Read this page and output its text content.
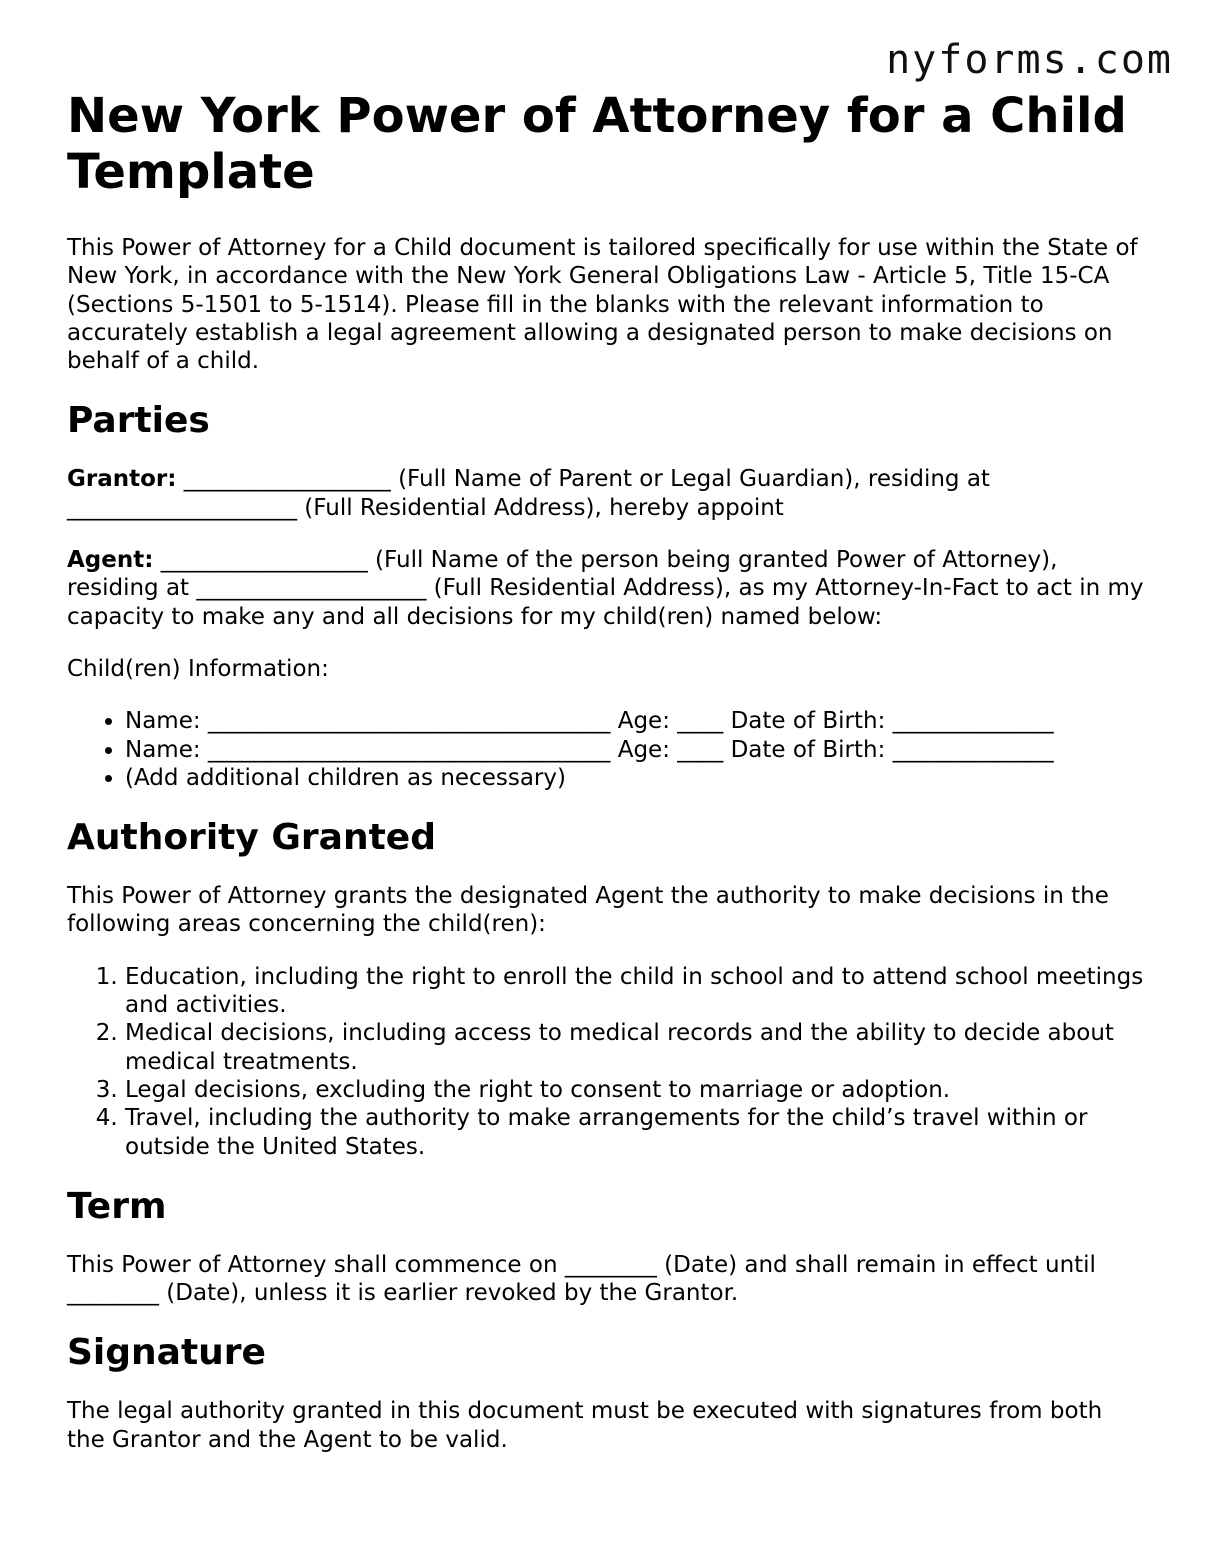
nyforms.com
New York Power of Attorney for a Child Template

This Power of Attorney for a Child document is tailored specifically for use within the State of New York, in accordance with the New York General Obligations Law - Article 5, Title 15-CA (Sections 5-1501 to 5-1514). Please fill in the blanks with the relevant information to accurately establish a legal agreement allowing a designated person to make decisions on behalf of a child.

Parties

Grantor: __________________ (Full Name of Parent or Legal Guardian), residing at ____________________ (Full Residential Address), hereby appoint

Agent: __________________ (Full Name of the person being granted Power of Attorney), residing at ____________________ (Full Residential Address), as my Attorney-In-Fact to act in my capacity to make any and all decisions for my child(ren) named below:

Child(ren) Information:

• Name: ___________________________________ Age: ____ Date of Birth: ______________
• Name: ___________________________________ Age: ____ Date of Birth: ______________
• (Add additional children as necessary)
Authority Granted

This Power of Attorney grants the designated Agent the authority to make decisions in the following areas concerning the child(ren):

1. Education, including the right to enroll the child in school and to attend school meetings and activities.
2. Medical decisions, including access to medical records and the ability to decide about medical treatments.
3. Legal decisions, excluding the right to consent to marriage or adoption.
4. Travel, including the authority to make arrangements for the child’s travel within or outside the United States.
Term

This Power of Attorney shall commence on ________ (Date) and shall remain in effect until ________ (Date), unless it is earlier revoked by the Grantor.

Signature

The legal authority granted in this document must be executed with signatures from both the Grantor and the Agent to be valid.
